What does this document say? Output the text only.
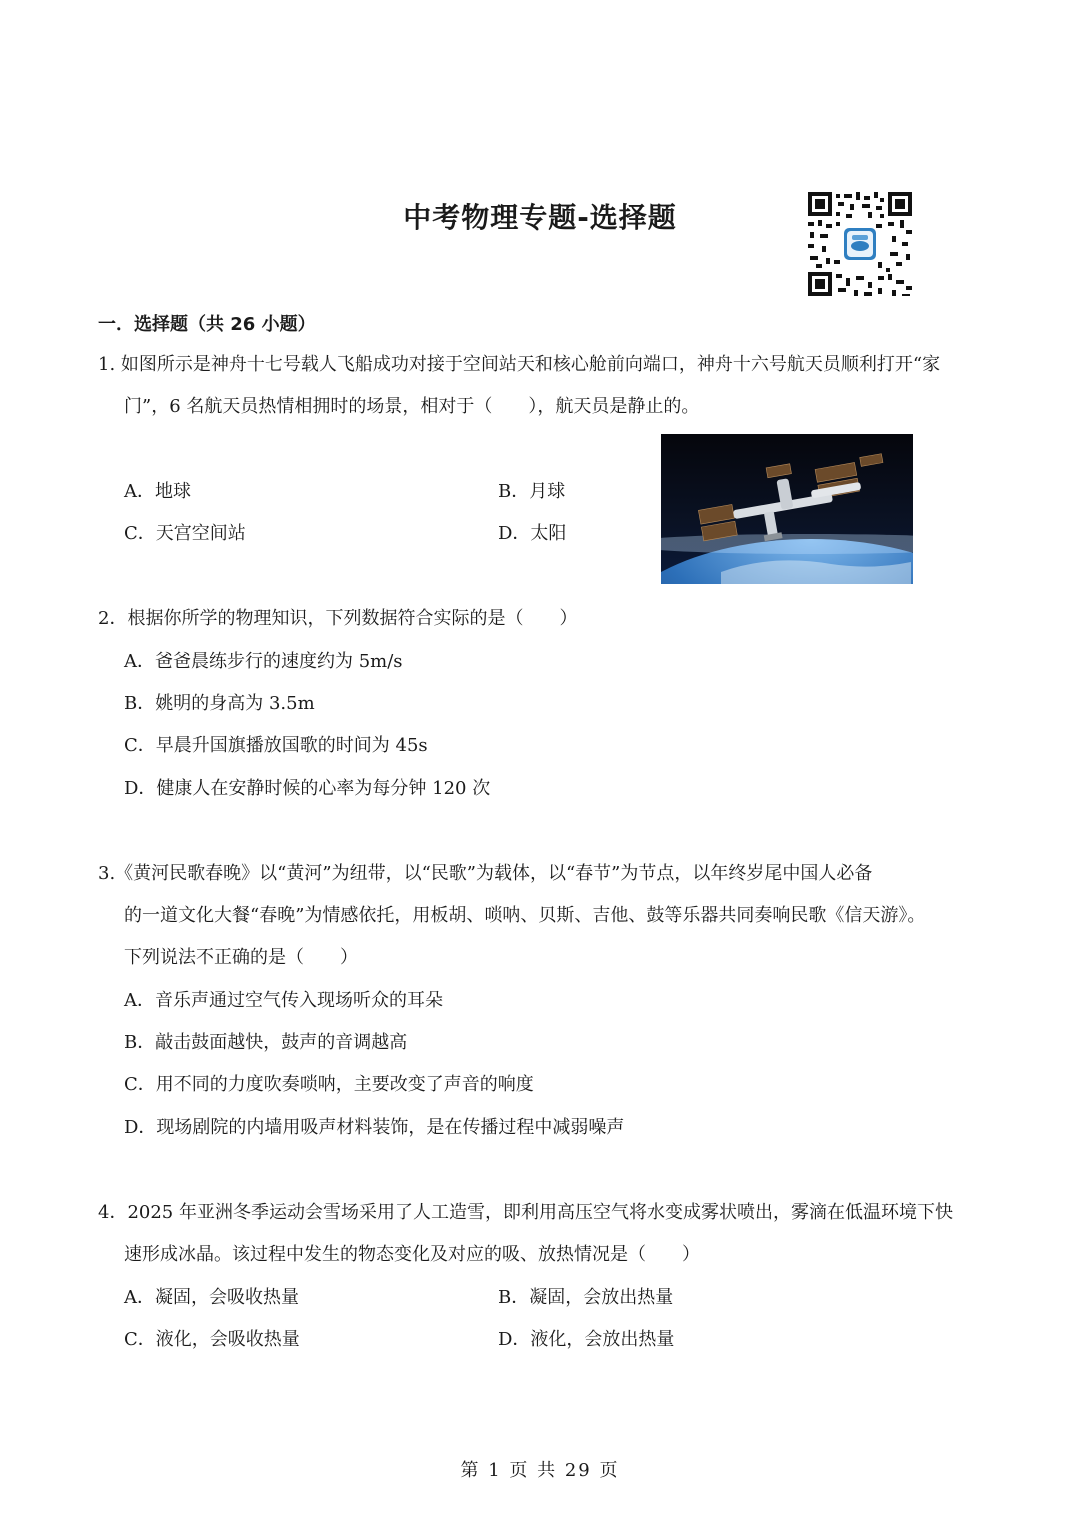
中考物理专题-选择题
一．选择题（共 26 小题）
1. 如图所示是神舟十七号载人飞船成功对接于空间站天和核心舱前向端口，神舟十六号航天员顺利打开“家
门”，6 名航天员热情相拥时的场景，相对于（　　），航天员是静止的。
A．地球	B．月球
C．天宫空间站	D．太阳
2．根据你所学的物理知识，下列数据符合实际的是（　　）
A．爸爸晨练步行的速度约为 5m/s
B．姚明的身高为 3.5m
C．早晨升国旗播放国歌的时间为 45s
D．健康人在安静时候的心率为每分钟 120 次
3.《黄河民歌春晚》以“黄河”为纽带，以“民歌”为载体，以“春节”为节点，以年终岁尾中国人必备
的一道文化大餐“春晚”为情感依托，用板胡、唢呐、贝斯、吉他、鼓等乐器共同奏响民歌《信天游》。
下列说法不正确的是（　　）
A．音乐声通过空气传入现场听众的耳朵
B．敲击鼓面越快，鼓声的音调越高
C．用不同的力度吹奏唢呐，主要改变了声音的响度
D．现场剧院的内墙用吸声材料装饰，是在传播过程中减弱噪声
4．2025 年亚洲冬季运动会雪场采用了人工造雪，即利用高压空气将水变成雾状喷出，雾滴在低温环境下快
速形成冰晶。该过程中发生的物态变化及对应的吸、放热情况是（　　）
A．凝固，会吸收热量	B．凝固，会放出热量
C．液化，会吸收热量	D．液化，会放出热量
第 1 页 共 29 页
